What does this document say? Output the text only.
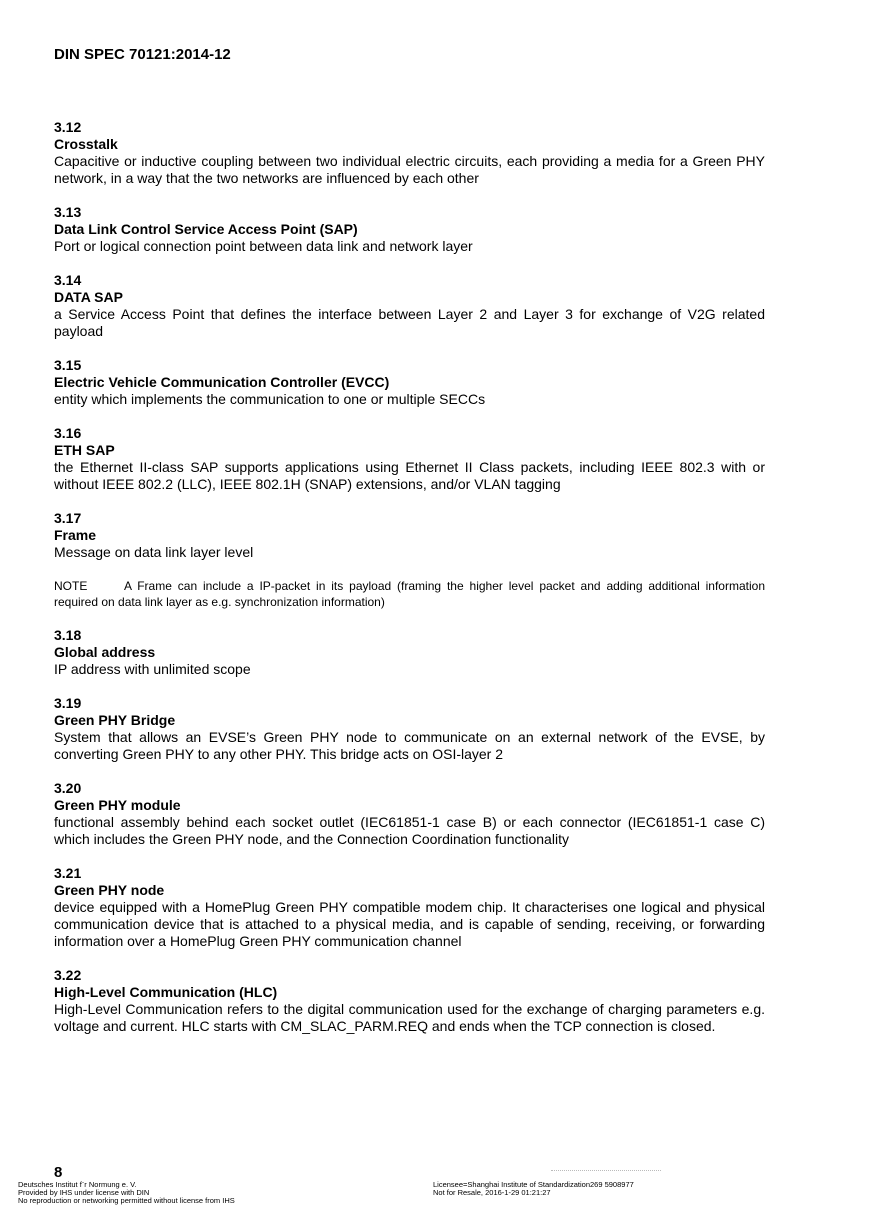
DIN SPEC 70121:2014-12
3.12
Crosstalk
Capacitive or inductive coupling between two individual electric circuits, each providing a media for a Green PHY network, in a way that the two networks are influenced by each other
3.13
Data Link Control Service Access Point (SAP)
Port or logical connection point between data link and network layer
3.14
DATA SAP
a Service Access Point that defines the interface between Layer 2 and Layer 3 for exchange of V2G related payload
3.15
Electric Vehicle Communication Controller (EVCC)
entity which implements the communication to one or multiple SECCs
3.16
ETH SAP
the Ethernet II-class SAP supports applications using Ethernet II Class packets, including IEEE 802.3 with or without IEEE 802.2 (LLC), IEEE 802.1H (SNAP) extensions, and/or VLAN tagging
3.17
Frame
Message on data link layer level
NOTE	A Frame can include a IP-packet in its payload (framing the higher level packet and adding additional information required on data link layer as e.g. synchronization information)
3.18
Global address
IP address with unlimited scope
3.19
Green PHY Bridge
System that allows an EVSE’s Green PHY node to communicate on an external network of the EVSE, by converting Green PHY to any other PHY. This bridge acts on OSI-layer 2
3.20
Green PHY module
functional assembly behind each socket outlet (IEC61851-1 case B) or each connector (IEC61851-1 case C) which includes the Green PHY node, and the Connection Coordination functionality
3.21
Green PHY node
device equipped with a HomePlug Green PHY compatible modem chip. It characterises one logical and physical communication device that is attached to a physical media, and is capable of sending, receiving, or forwarding information over a HomePlug Green PHY communication channel
3.22
High-Level Communication (HLC)
High-Level Communication refers to the digital communication used for the exchange of charging parameters e.g. voltage and current. HLC starts with CM_SLAC_PARM.REQ and ends when the TCP connection is closed.
8
Deutsches Institut f¨r Normung e. V.
Provided by IHS under license with DIN
No reproduction or networking permitted without license from IHS
Licensee=Shanghai Institute of Standardization269 5908977
Not for Resale, 2016-1-29 01:21:27
